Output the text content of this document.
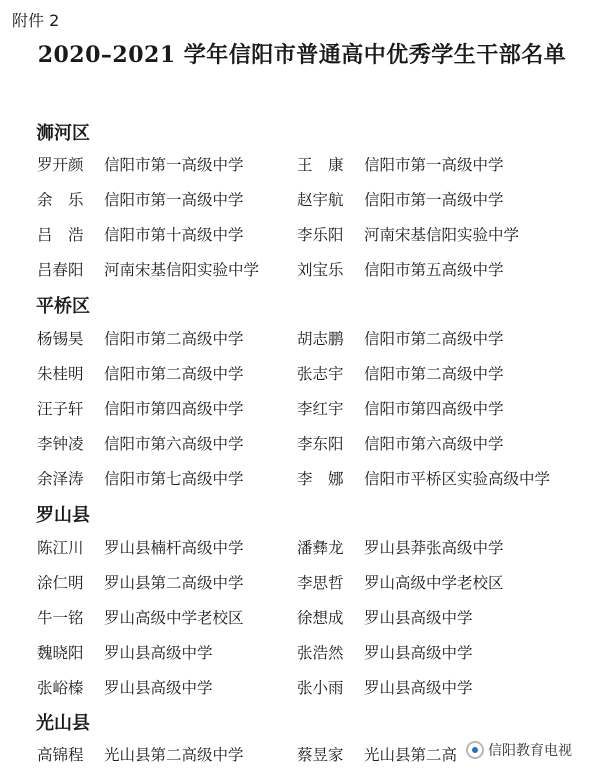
附件 2
2020–2021 学年信阳市普通高中优秀学生干部名单
浉河区
罗开颜 信阳市第一高级中学	王　康 信阳市第一高级中学
余　乐 信阳市第一高级中学	赵宇航 信阳市第一高级中学
吕　浩 信阳市第十高级中学	李乐阳 河南宋基信阳实验中学
吕春阳 河南宋基信阳实验中学 刘宝乐 信阳市第五高级中学
平桥区
杨锡昊 信阳市第二高级中学	胡志鹏 信阳市第二高级中学
朱桂明 信阳市第二高级中学	张志宇 信阳市第二高级中学
汪子轩 信阳市第四高级中学	李红宇 信阳市第四高级中学
李钟凌 信阳市第六高级中学	李东阳 信阳市第六高级中学
余泽涛 信阳市第七高级中学	李　娜 信阳市平桥区实验高级中学
罗山县
陈江川 罗山县楠杆高级中学	潘彝龙 罗山县莽张高级中学
涂仁明 罗山县第二高级中学	李思哲 罗山高级中学老校区
牛一铭 罗山高级中学老校区	徐想成 罗山县高级中学
魏晓阳 罗山县高级中学	张浩然 罗山县高级中学
张峪榛 罗山县高级中学	张小雨 罗山县高级中学
光山县
高锦程 光山县第二高级中学	蔡昱家 光山县第二高 信阳教育电视
